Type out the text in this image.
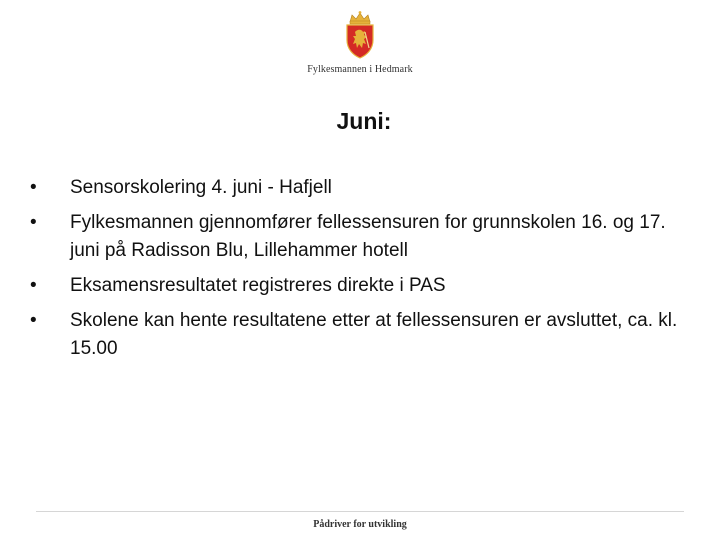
Fylkesmannen i Hedmark
Juni:
•	Sensorskolering 4. juni - Hafjell
•	Fylkesmannen gjennomfører fellessensuren for grunnskolen 16. og 17. juni på Radisson Blu, Lillehammer hotell
•	Eksamensresultatet registreres direkte i PAS
•	Skolene kan hente resultatene etter at fellessensuren er avsluttet, ca. kl. 15.00
Pådriver for utvikling
